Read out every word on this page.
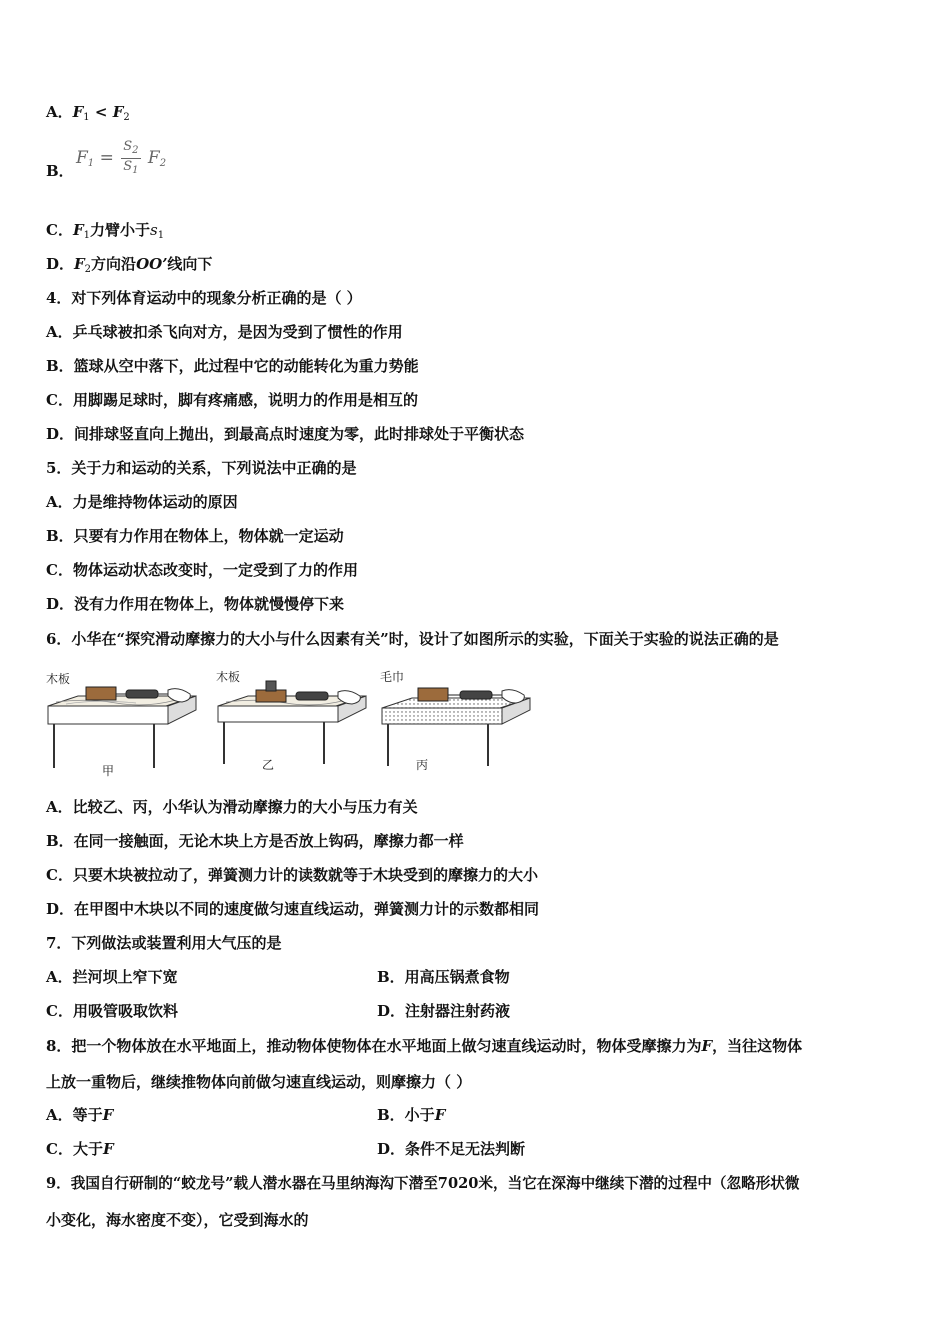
A．$F_1 < F_2$
B．
$F_1 = \frac{S_2}{S_1} F_2$
C．$F_1$力臂小于$s_1$
D．$F_2$方向沿OO’线向下
4．对下列体育运动中的现象分析正确的是（ ）
A．乒乓球被扣杀飞向对方，是因为受到了惯性的作用
B．篮球从空中落下，此过程中它的动能转化为重力势能
C．用脚踢足球时，脚有疼痛感，说明力的作用是相互的
D．间排球竖直向上抛出，到最高点时速度为零，此时排球处于平衡状态
5．关于力和运动的关系，下列说法中正确的是
A．力是维持物体运动的原因
B．只要有力作用在物体上，物体就一定运动
C．物体运动状态改变时，一定受到了力的作用
D．没有力作用在物体上，物体就慢慢停下来
6．小华在“探究滑动摩擦力的大小与什么因素有关”时，设计了如图所示的实验，下面关于实验的说法正确的是
木板
甲
木板
乙
毛巾
丙
A．比较乙、丙，小华认为滑动摩擦力的大小与压力有关
B．在同一接触面，无论木块上方是否放上钩码，摩擦力都一样
C．只要木块被拉动了，弹簧测力计的读数就等于木块受到的摩擦力的大小
D．在甲图中木块以不同的速度做匀速直线运动，弹簧测力计的示数都相同
7．下列做法或装置利用大气压的是
A．拦河坝上窄下宽	B．用高压锅煮食物
C．用吸管吸取饮料	D．注射器注射药液
8．把一个物体放在水平地面上，推动物体使物体在水平地面上做匀速直线运动时，物体受摩擦力为F，当往这物体
上放一重物后，继续推物体向前做匀速直线运动，则摩擦力（ ）
A．等于F	B．小于F
C．大于F	D．条件不足无法判断
9．我国自行研制的“蛟龙号”载人潜水器在马里纳海沟下潜至7020米，当它在深海中继续下潜的过程中（忽略形状微
小变化，海水密度不变），它受到海水的
